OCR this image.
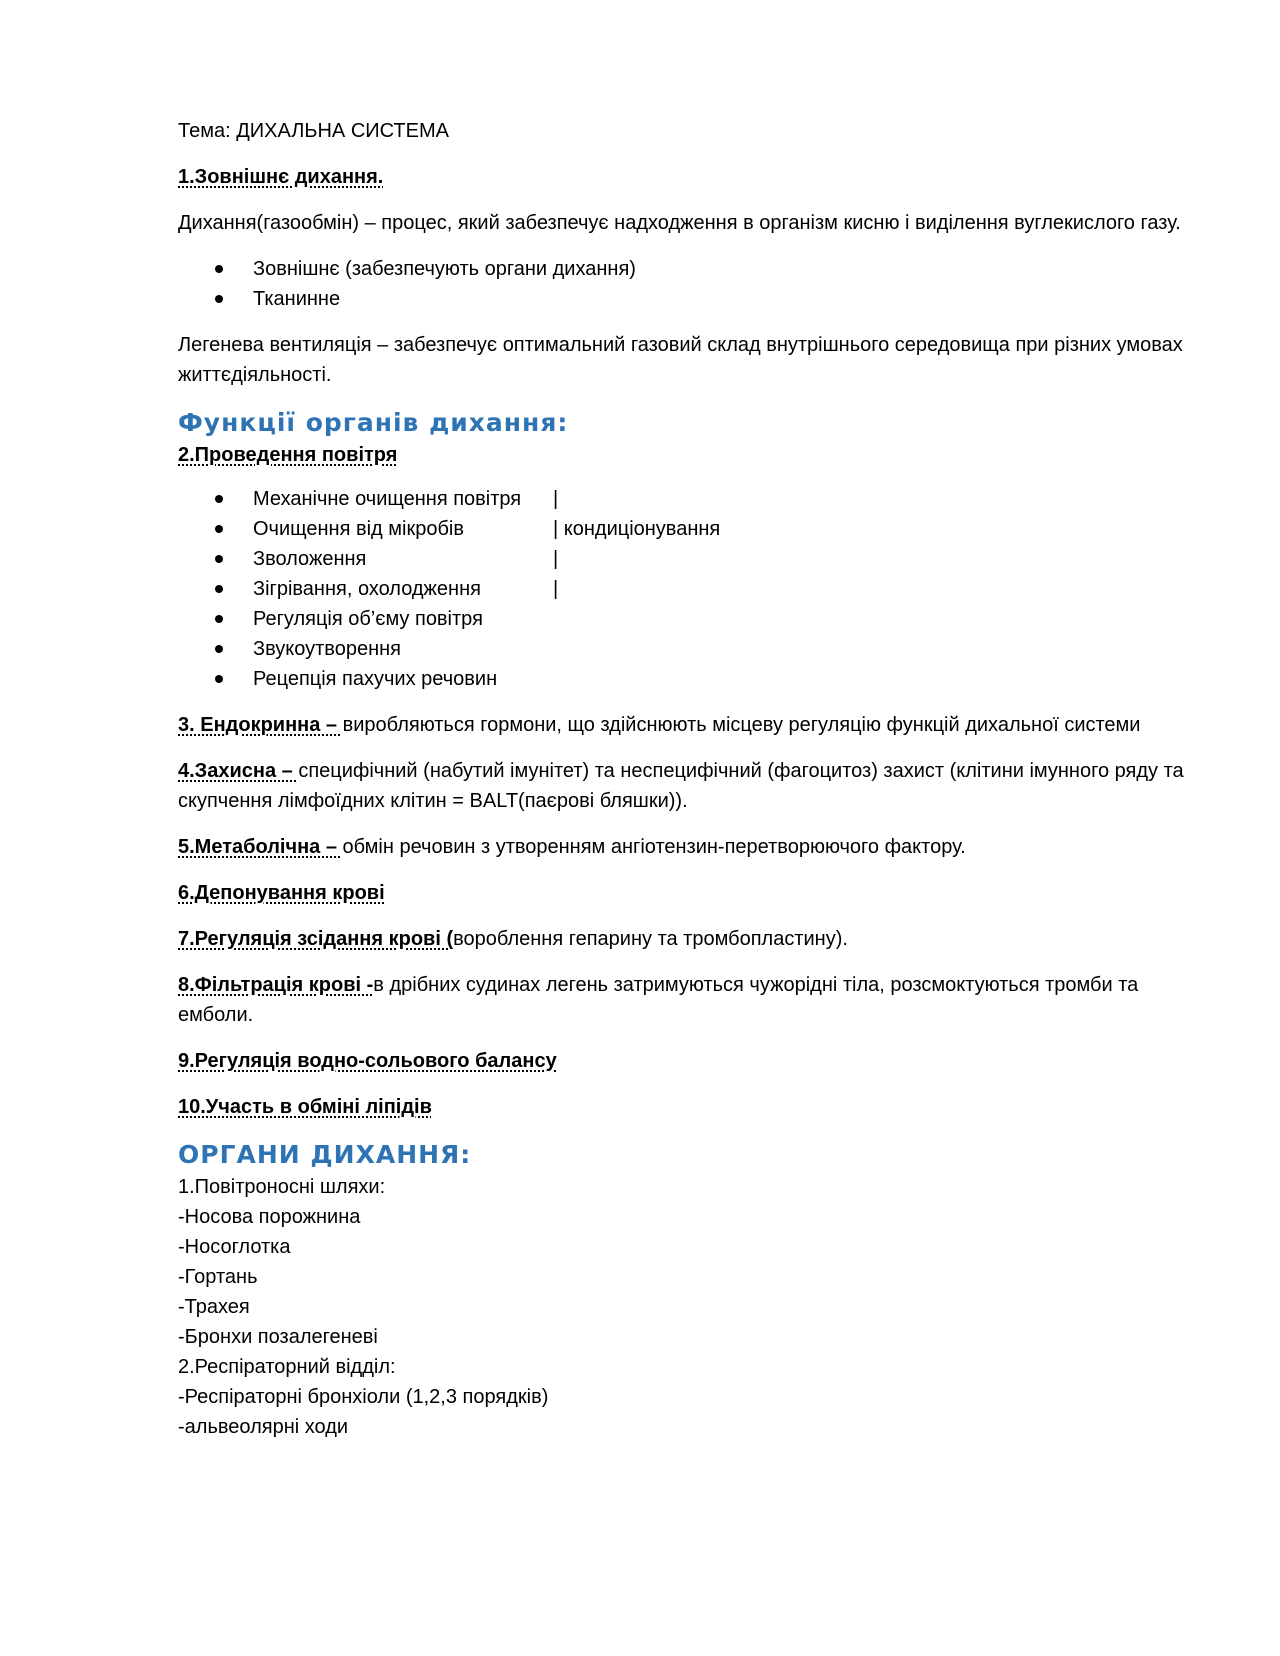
Тема: ДИХАЛЬНА СИСТЕМА

1.Зовнішнє дихання.

Дихання(газообмін) – процес, який забезпечує надходження в організм кисню і виділення вуглекислого газу.

Зовнішнє (забезпечують органи дихання)
Тканинне

Легенева вентиляція – забезпечує оптимальний газовий склад внутрішнього середовища при різних умовах життєдіяльності.

Функції органів дихання:

2.Проведення повітря

Механічне очищення повітря |
Очищення від мікробів	| кондиціонування
Зволоження	|
Зігрівання, охолодження	|
Регуляція об’єму повітря
Звукоутворення
Рецепція пахучих речовин

3. Ендокринна – виробляються гормони, що здійснюють місцеву регуляцію функцій дихальної системи

4.Захисна – специфічний (набутий імунітет) та неспецифічний (фагоцитоз) захист (клітини імунного ряду та скупчення лімфоїдних клітин = BALT(паєрові бляшки)).

5.Метаболічна – обмін речовин з утворенням ангіотензин-перетворюючого фактору.

6.Депонування крові

7.Регуляція зсідання крові (вороблення гепарину та тромбопластину).

8.Фільтрація крові -в дрібних судинах легень затримуються чужорідні тіла, розсмоктуються тромби та емболи.

9.Регуляція водно-сольового балансу

10.Участь в обміні ліпідів

ОРГАНИ ДИХАННЯ:
1.Повітроносні шляхи:
-Носова порожнина
-Носоглотка
-Гортань
-Трахея
-Бронхи позалегеневі
2.Респіраторний відділ:
-Респіраторні бронхіоли (1,2,3 порядків)
-альвеолярні ходи
